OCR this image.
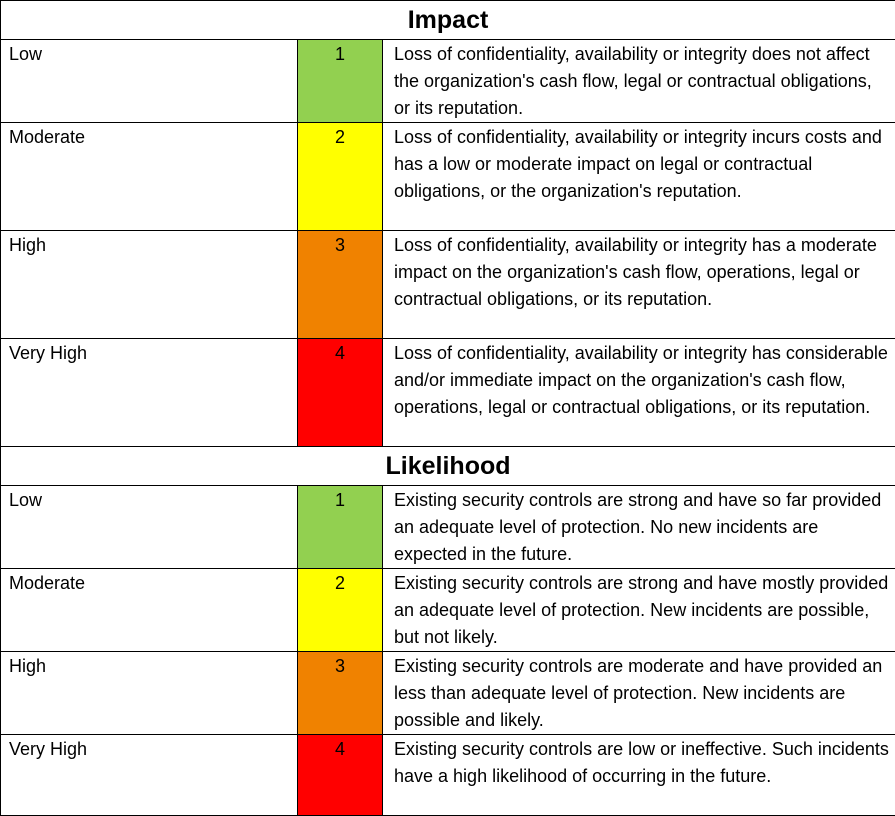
Impact		
Low	1	Loss of confidentiality, availability or integrity does not affect the organization's cash flow, legal or contractual obligations, or its reputation.
Moderate	2	Loss of confidentiality, availability or integrity incurs costs and has a low or moderate impact on legal or contractual obligations, or the organization's reputation.
High	3	Loss of confidentiality, availability or integrity has a moderate impact on the organization's cash flow, operations, legal or contractual obligations, or its reputation.
Very High	4	Loss of confidentiality, availability or integrity has considerable and/or immediate impact on the organization's cash flow, operations, legal or contractual obligations, or its reputation.
Likelihood		
Low	1	Existing security controls are strong and have so far provided an adequate level of protection. No new incidents are expected in the future.
Moderate	2	Existing security controls are strong and have mostly provided an adequate level of protection. New incidents are possible, but not likely.
High	3	Existing security controls are moderate and have provided an less than adequate level of protection. New incidents are possible and likely.
Very High	4	Existing security controls are low or ineffective. Such incidents have a high likelihood of occurring in the future.
